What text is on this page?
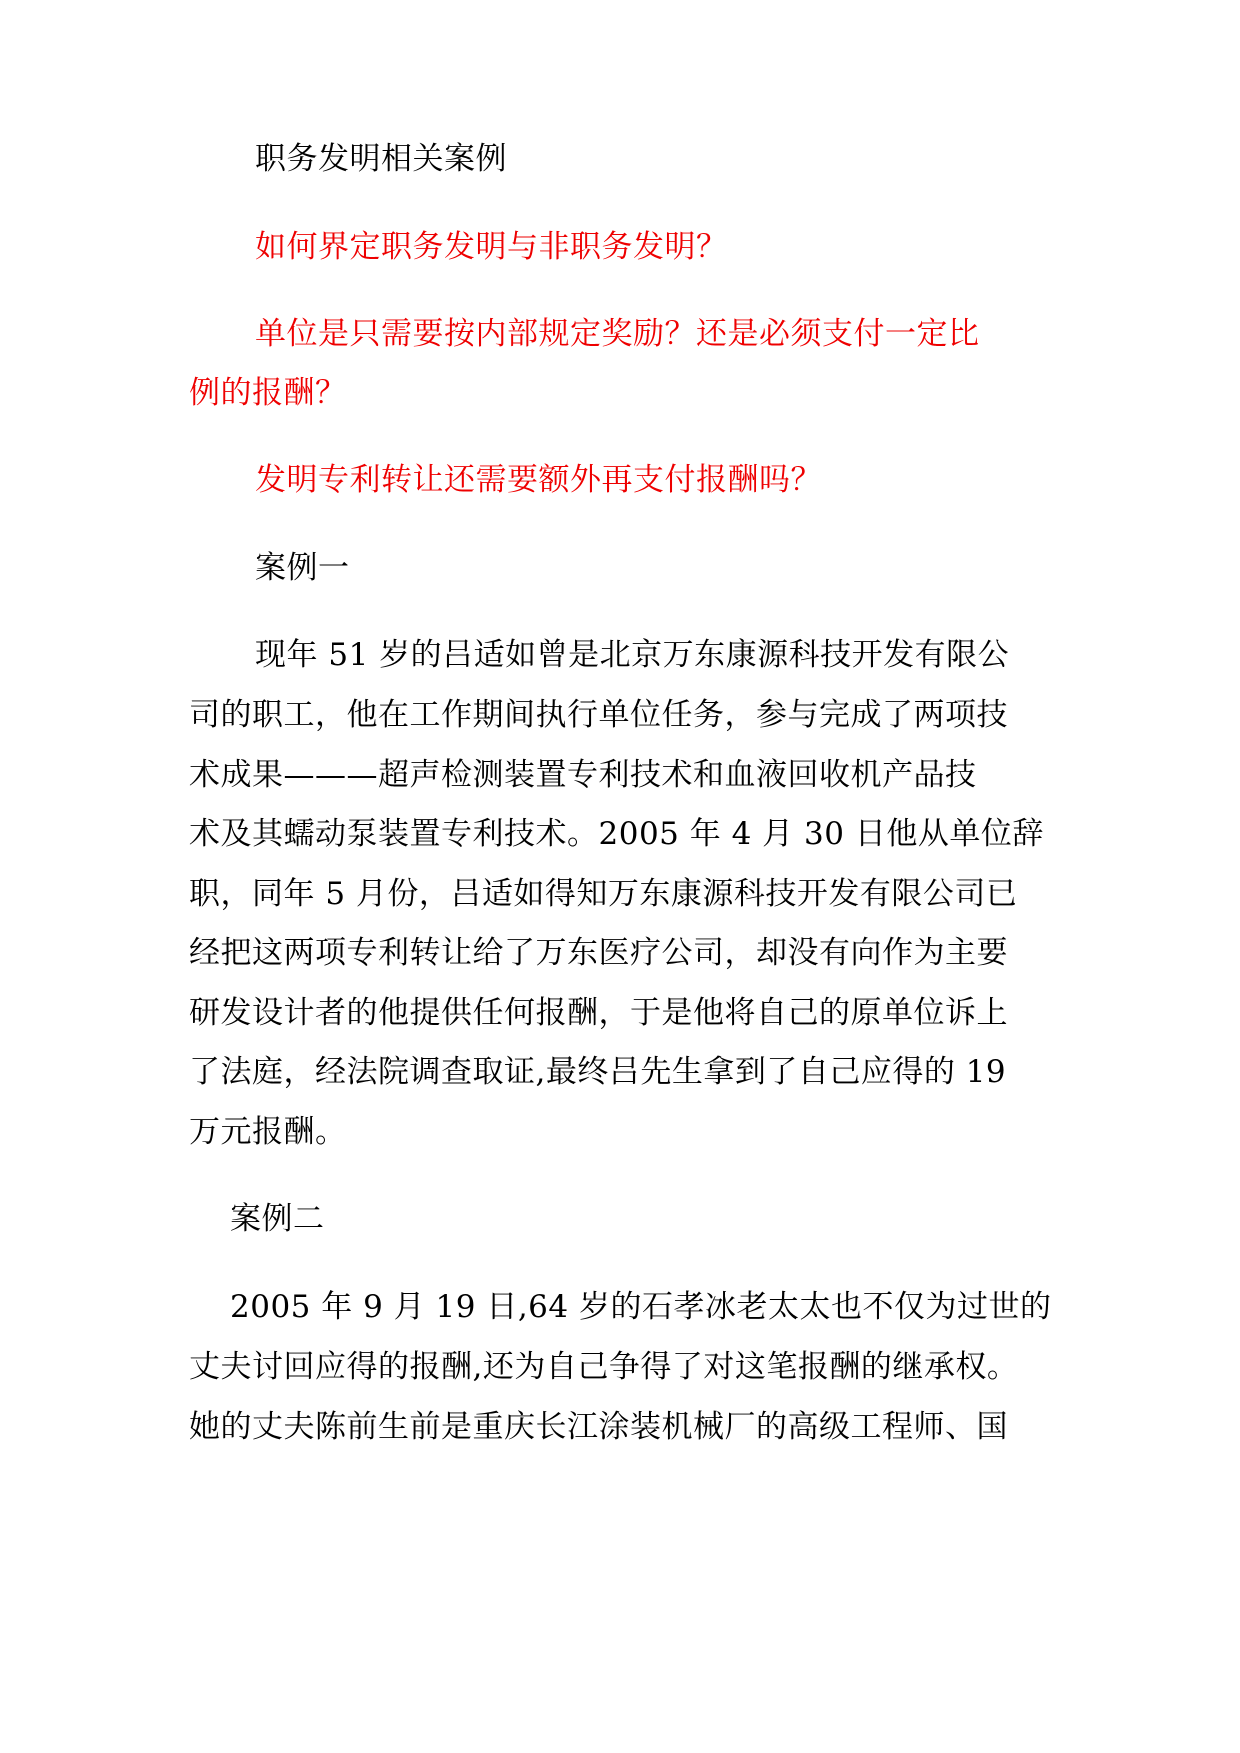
职务发明相关案例

如何界定职务发明与非职务发明？

单位是只需要按内部规定奖励？还是必须支付一定比

例的报酬？

发明专利转让还需要额外再支付报酬吗？

案例一

现年 51 岁的吕适如曾是北京万东康源科技开发有限公

司的职工，他在工作期间执行单位任务，参与完成了两项技

术成果———超声检测装置专利技术和血液回收机产品技

术及其蠕动泵装置专利技术。2005 年 4 月 30 日他从单位辞

职，同年 5 月份，吕适如得知万东康源科技开发有限公司已

经把这两项专利转让给了万东医疗公司，却没有向作为主要

研发设计者的他提供任何报酬，于是他将自己的原单位诉上

了法庭，经法院调查取证,最终吕先生拿到了自己应得的 19

万元报酬。

案例二

2005 年 9 月 19 日,64 岁的石孝冰老太太也不仅为过世的

丈夫讨回应得的报酬,还为自己争得了对这笔报酬的继承权。

她的丈夫陈前生前是重庆长江涂装机械厂的高级工程师、国
